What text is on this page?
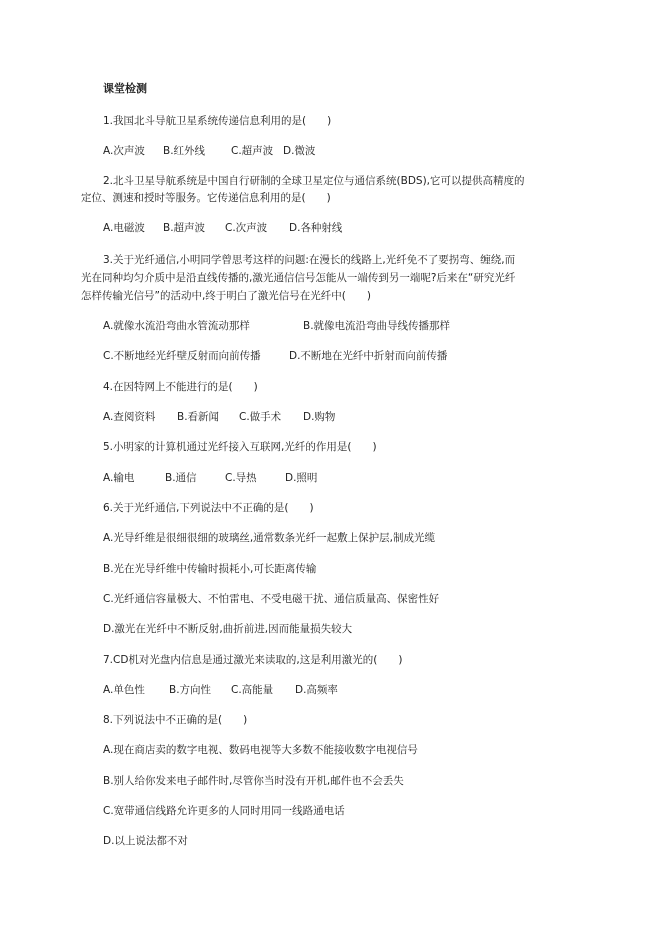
课堂检测
1.我国北斗导航卫星系统传递信息利用的是(　　)
A.次声波 B.红外线 C.超声波 D.微波
2.北斗卫星导航系统是中国自行研制的全球卫星定位与通信系统(BDS),它可以提供高精度的
定位、测速和授时等服务。它传递信息利用的是(　　)
A.电磁波 B.超声波 C.次声波 D.各种射线
3.关于光纤通信,小明同学曾思考这样的问题:在漫长的线路上,光纤免不了要拐弯、缠绕,而
光在同种均匀介质中是沿直线传播的,激光通信信号怎能从一端传到另一端呢?后来在“研究光纤
怎样传输光信号”的活动中,终于明白了激光信号在光纤中(　　)
A.就像水流沿弯曲水管流动那样	B.就像电流沿弯曲导线传播那样
C.不断地经光纤壁反射而向前传播	D.不断地在光纤中折射而向前传播
4.在因特网上不能进行的是(　　)
A.查阅资料 B.看新闻 C.做手术 D.购物
5.小明家的计算机通过光纤接入互联网,光纤的作用是(　　)
A.输电	B.通信	C.导热	D.照明
6.关于光纤通信,下列说法中不正确的是(　　)
A.光导纤维是很细很细的玻璃丝,通常数条光纤一起敷上保护层,制成光缆
B.光在光导纤维中传输时损耗小,可长距离传输
C.光纤通信容量极大、不怕雷电、不受电磁干扰、通信质量高、保密性好
D.激光在光纤中不断反射,曲折前进,因而能量损失较大
7.CD机对光盘内信息是通过激光来读取的,这是利用激光的(　　)
A.单色性 B.方向性 C.高能量 D.高频率
8.下列说法中不正确的是(　　)
A.现在商店卖的数字电视、数码电视等大多数不能接收数字电视信号
B.别人给你发来电子邮件时,尽管你当时没有开机,邮件也不会丢失
C.宽带通信线路允许更多的人同时用同一线路通电话
D.以上说法都不对
